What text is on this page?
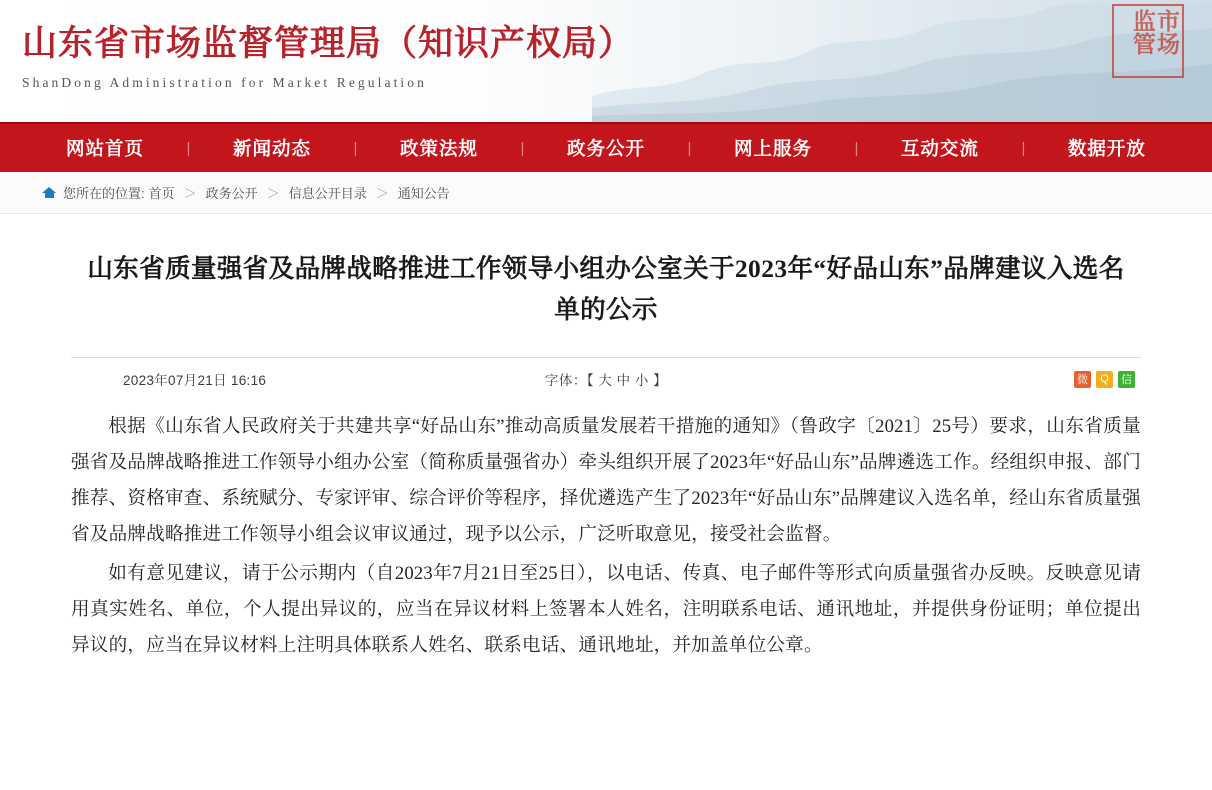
市场监管
山东省市场监督管理局（知识产权局）
ShanDong Administration for Market Regulation
网站首页	| 新闻动态	| 政策法规	| 政务公开	| 网上服务	| 互动交流	| 数据开放
您所在的位置: 首页 ＞ 政务公开 ＞ 信息公开目录 ＞ 通知公告
山东省质量强省及品牌战略推进工作领导小组办公室关于2023年“好品山东”品牌建议入选名单的公示
2023年07月21日 16:16	字体：【 大 中 小 】	微	Q	信

根据《山东省人民政府关于共建共享“好品山东”推动高质量发展若干措施的通知》（鲁政字〔2021〕25号）要求，山东省质量强省及品牌战略推进工作领导小组办公室（简称质量强省办）牵头组织开展了2023年“好品山东”品牌遴选工作。经组织申报、部门推荐、资格审查、系统赋分、专家评审、综合评价等程序，择优遴选产生了2023年“好品山东”品牌建议入选名单，经山东省质量强省及品牌战略推进工作领导小组会议审议通过，现予以公示，广泛听取意见，接受社会监督。

如有意见建议，请于公示期内（自2023年7月21日至25日），以电话、传真、电子邮件等形式向质量强省办反映。反映意见请用真实姓名、单位，个人提出异议的，应当在异议材料上签署本人姓名，注明联系电话、通讯地址，并提供身份证明；单位提出异议的，应当在异议材料上注明具体联系人姓名、联系电话、通讯地址，并加盖单位公章。
